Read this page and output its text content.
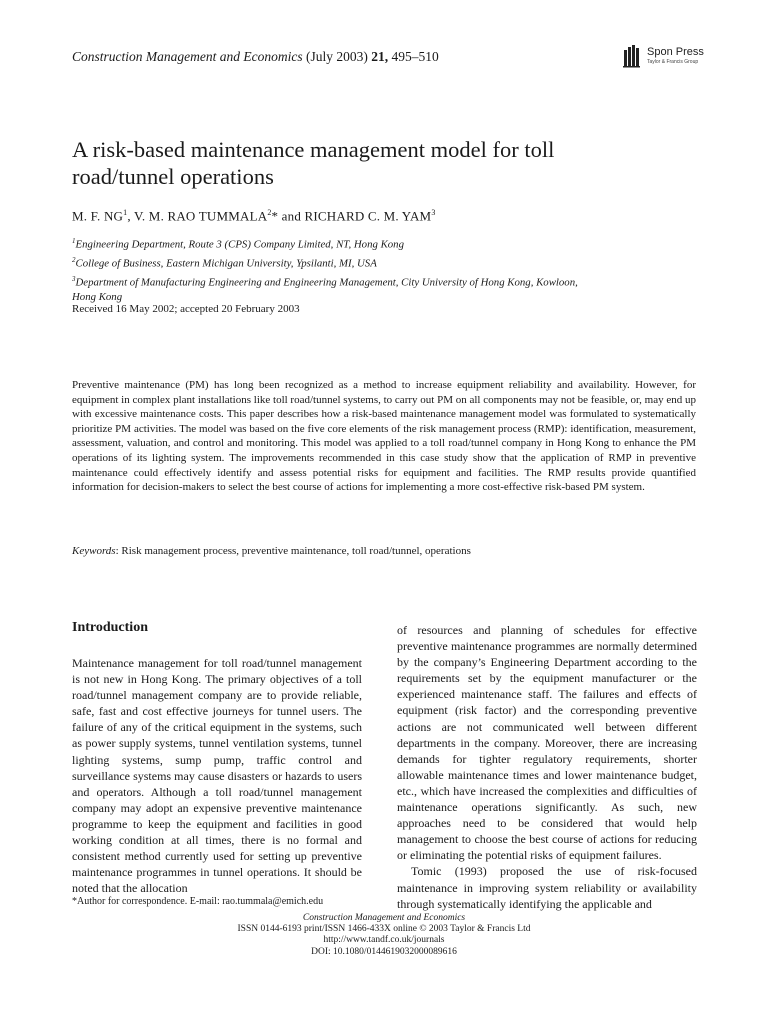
Construction Management and Economics (July 2003) 21, 495–510	Spon Press
Taylor & Francis Group
A risk-based maintenance management model for toll road/tunnel operations
M. F. $NG^1$, V. M. RAO TUMMALA$^2$* and RICHARD C. M. YAM$^3$
$^1$Engineering Department, Route 3 (CPS) Company Limited, NT, Hong Kong
$^2$College of Business, Eastern Michigan University, Ypsilanti, MI, USA
$^3$Department of Manufacturing Engineering and Engineering Management, City University of Hong Kong, Kowloon, Hong Kong
Received 16 May 2002; accepted 20 February 2003

Preventive maintenance (PM) has long been recognized as a method to increase equipment reliability and availability. However, for equipment in complex plant installations like toll road/tunnel systems, to carry out PM on all components may not be feasible, or, may end up with excessive maintenance costs. This paper describes how a risk-based maintenance management model was formulated to systematically prioritize PM activities. The model was based on the five core elements of the risk management process (RMP): identification, measurement, assessment, valuation, and control and monitoring. This model was applied to a toll road/tunnel company in Hong Kong to enhance the PM operations of its lighting system. The improvements recommended in this case study show that the application of RMP in preventive maintenance could effectively identify and assess potential risks for equipment and facilities. The RMP results provide quantified information for decision-makers to select the best course of actions for implementing a more cost-effective risk-based PM system.

Keywords: Risk management process, preventive maintenance, toll road/tunnel, operations
Introduction

Maintenance management for toll road/tunnel management is not new in Hong Kong. The primary objectives of a toll road/tunnel management company are to provide reliable, safe, fast and cost effective journeys for tunnel users. The failure of any of the critical equipment in the systems, such as power supply systems, tunnel ventilation systems, tunnel lighting systems, sump pump, traffic control and surveillance systems may cause disasters or hazards to users and operators. Although a toll road/tunnel management company may adopt an expensive preventive maintenance programme to keep the equipment and facilities in good working condition at all times, there is no formal and consistent method currently used for setting up preventive maintenance programmes in tunnel operations. It should be noted that the allocation

of resources and planning of schedules for effective preventive maintenance programmes are normally determined by the company’s Engineering Department according to the requirements set by the equipment manufacturer or the experienced maintenance staff. The failures and effects of equipment (risk factor) and the corresponding preventive actions are not communicated well between different departments in the company. Moreover, there are increasing demands for tighter regulatory requirements, shorter allowable maintenance times and lower maintenance budget, etc., which have increased the complexities and difficulties of maintenance operations significantly. As such, new approaches need to be considered that would help management to choose the best course of actions for reducing or eliminating the potential risks of equipment failures.
Tomic (1993) proposed the use of risk-focused maintenance in improving system reliability or availability through systematically identifying the applicable and
*Author for correspondence. E-mail: rao.tummala@emich.edu
Construction Management and Economics
ISSN 0144-6193 print/ISSN 1466-433X online © 2003 Taylor & Francis Ltd
http://www.tandf.co.uk/journals
DOI: 10.1080/0144619032000089616
